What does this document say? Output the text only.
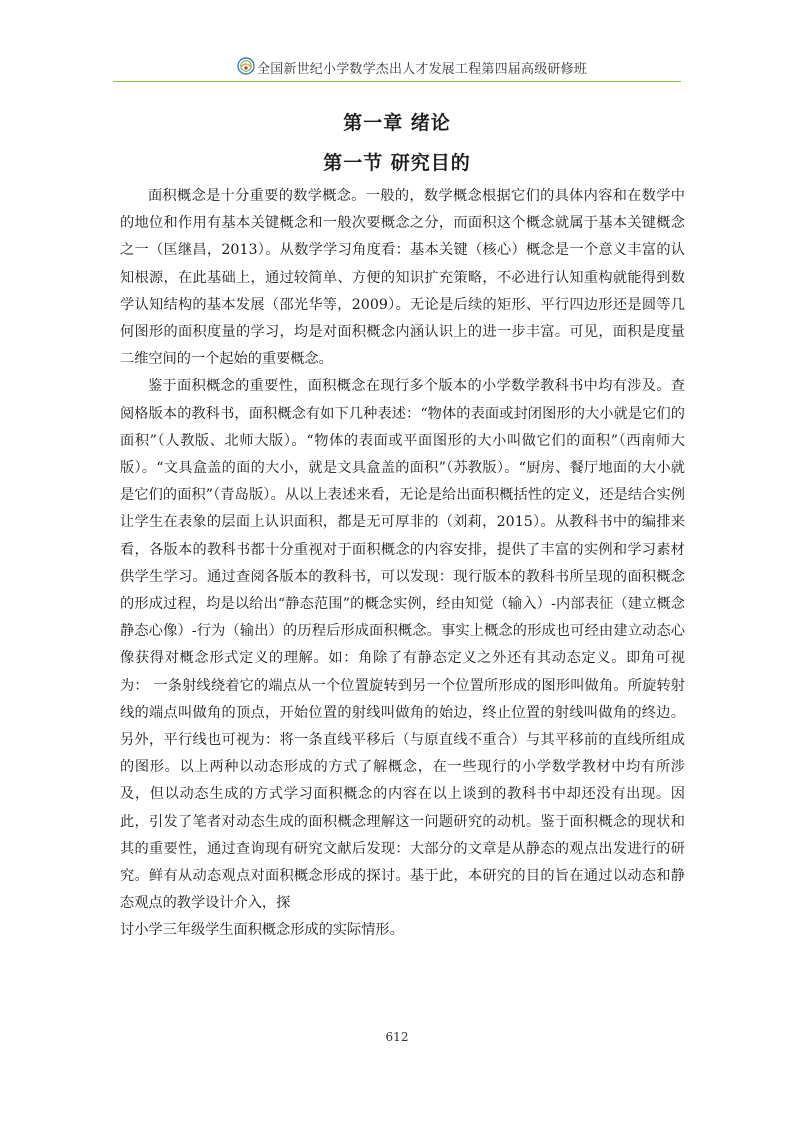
全国新世纪小学数学杰出人才发展工程第四届高级研修班
第一章 绪论
第一节 研究目的

面积概念是十分重要的数学概念。一般的，数学概念根据它们的具体内容和在数学中的地位和作用有基本关键概念和一般次要概念之分，而面积这个概念就属于基本关键概念之一（匡继昌，2013）。从数学学习角度看：基本关键（核心）概念是一个意义丰富的认知根源，在此基础上，通过较简单、方便的知识扩充策略，不必进行认知重构就能得到数学认知结构的基本发展（邵光华等，2009）。无论是后续的矩形、平行四边形还是圆等几何图形的面积度量的学习，均是对面积概念内涵认识上的进一步丰富。可见，面积是度量二维空间的一个起始的重要概念。

鉴于面积概念的重要性，面积概念在现行多个版本的小学数学教科书中均有涉及。查阅格版本的教科书，面积概念有如下几种表述：“物体的表面或封闭图形的大小就是它们的面积”（人教版、北师大版）。“物体的表面或平面图形的大小叫做它们的面积”（西南师大版）。“文具盒盖的面的大小，就是文具盒盖的面积”（苏教版）。“厨房、餐厅地面的大小就是它们的面积”（青岛版）。从以上表述来看，无论是给出面积概括性的定义，还是结合实例让学生在表象的层面上认识面积，都是无可厚非的（刘莉，2015）。从教科书中的编排来看，各版本的教科书都十分重视对于面积概念的内容安排，提供了丰富的实例和学习素材供学生学习。通过查阅各版本的教科书，可以发现：现行版本的教科书所呈现的面积概念的形成过程，均是以给出“静态范围”的概念实例，经由知觉（输入）-内部表征（建立概念静态心像）-行为（输出）的历程后形成面积概念。事实上概念的形成也可经由建立动态心像获得对概念形式定义的理解。如：角除了有静态定义之外还有其动态定义。即角可视为： 一条射线绕着它的端点从一个位置旋转到另一个位置所形成的图形叫做角。所旋转射线的端点叫做角的顶点，开始位置的射线叫做角的始边，终止位置的射线叫做角的终边。另外，平行线也可视为：将一条直线平移后（与原直线不重合）与其平移前的直线所组成的图形。以上两种以动态形成的方式了解概念，在一些现行的小学数学教材中均有所涉及，但以动态生成的方式学习面积概念的内容在以上谈到的教科书中却还没有出现。因此，引发了笔者对动态生成的面积概念理解这一问题研究的动机。鉴于面积概念的现状和其的重要性，通过查询现有研究文献后发现：大部分的文章是从静态的观点出发进行的研究。鲜有从动态观点对面积概念形成的探讨。基于此，本研究的目的旨在通过以动态和静态观点的教学设计介入，探

讨小学三年级学生面积概念形成的实际情形。

612
